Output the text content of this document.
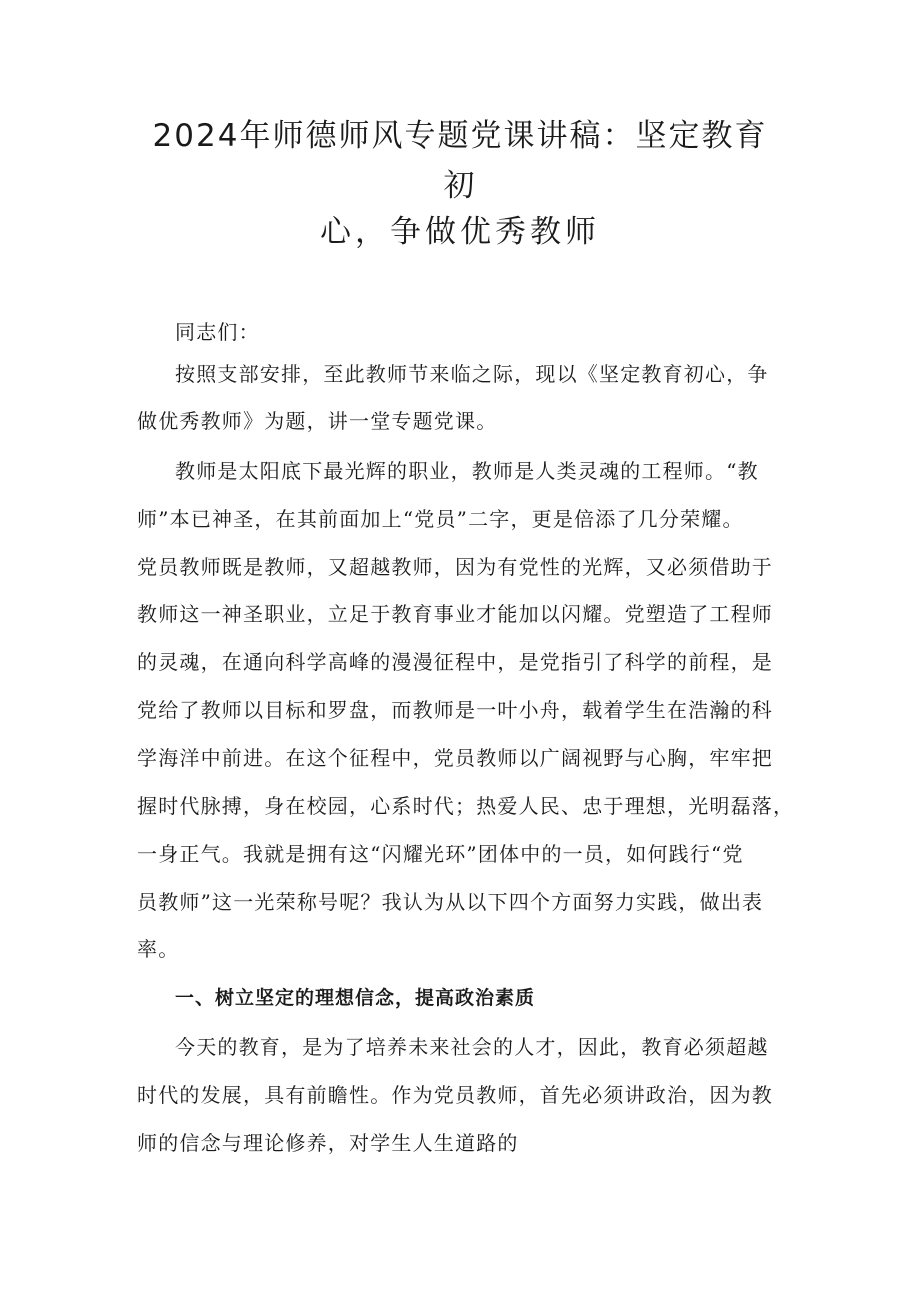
2024年师德师风专题党课讲稿：坚定教育
初
心，争做优秀教师
同志们：
按照支部安排，至此教师节来临之际，现以《坚定教育初心，争
做优秀教师》为题，讲一堂专题党课。
教师是太阳底下最光辉的职业，教师是人类灵魂的工程师。“教
师”本已神圣，在其前面加上“党员”二字，更是倍添了几分荣耀。
党员教师既是教师，又超越教师，因为有党性的光辉，又必须借助于
教师这一神圣职业，立足于教育事业才能加以闪耀。党塑造了工程师
的灵魂，在通向科学高峰的漫漫征程中，是党指引了科学的前程，是
党给了教师以目标和罗盘，而教师是一叶小舟，载着学生在浩瀚的科
学海洋中前进。在这个征程中，党员教师以广阔视野与心胸，牢牢把
握时代脉搏，身在校园，心系时代；热爱人民、忠于理想，光明磊落，
一身正气。我就是拥有这“闪耀光环”团体中的一员，如何践行“党
员教师”这一光荣称号呢？我认为从以下四个方面努力实践，做出表
率。
一、树立坚定的理想信念，提高政治素质
今天的教育，是为了培养未来社会的人才，因此，教育必须超越
时代的发展，具有前瞻性。作为党员教师，首先必须讲政治，因为教
师的信念与理论修养，对学生人生道路的
